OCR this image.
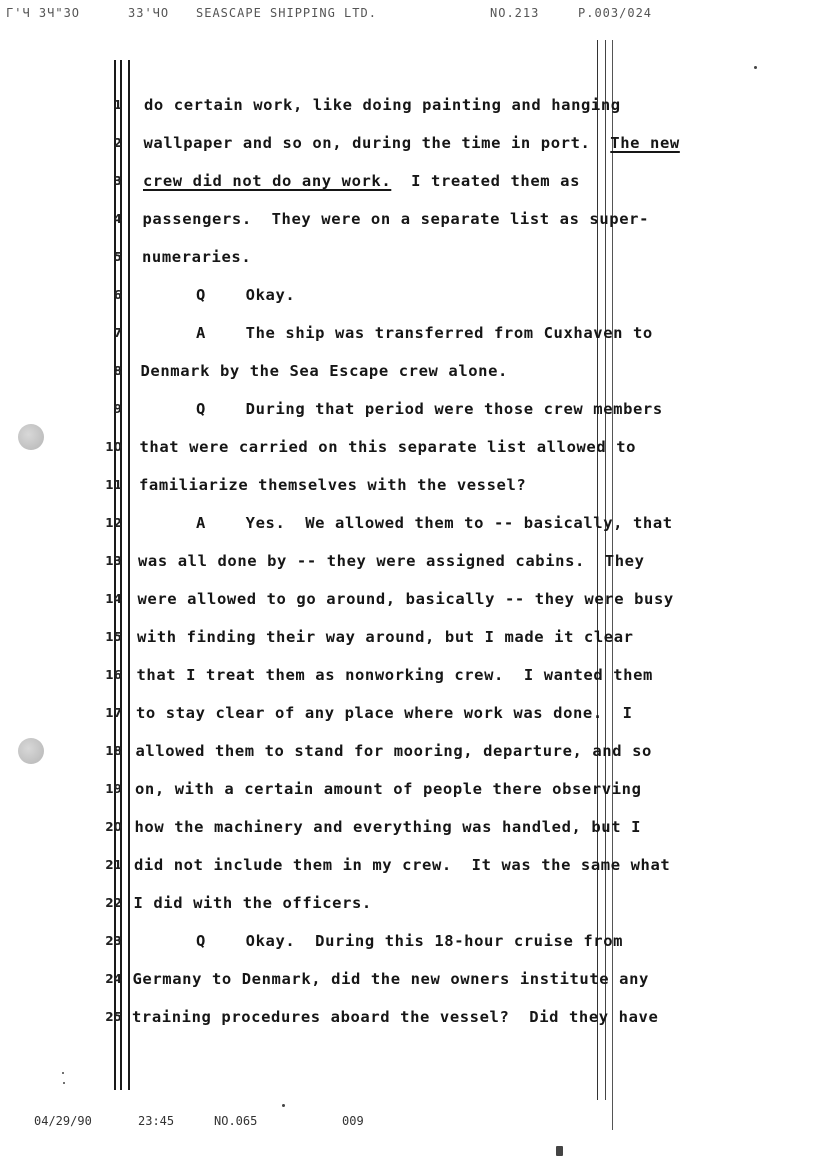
Г'Ч ЗЧ"ЗО	ЗЗ'ЧО SEASCAPE SHIPPING LTD.	NO.213	P.003/024
1 do certain work, like doing painting and hanging
2 wallpaper and so on, during the time in port.  The new
3 crew did not do any work.  I treated them as
4 passengers.  They were on a separate list as super-
5 numeraries.
6	Q    Okay.
7	A    The ship was transferred from Cuxhaven to
8 Denmark by the Sea Escape crew alone.
9	Q    During that period were those crew members
10 that were carried on this separate list allowed to
11 familiarize themselves with the vessel?
12	A    Yes.  We allowed them to -- basically, that
13 was all done by -- they were assigned cabins.  They
14 were allowed to go around, basically -- they were busy
15 with finding their way around, but I made it clear
16 that I treat them as nonworking crew.  I wanted them
17 to stay clear of any place where work was done.  I
18 allowed them to stand for mooring, departure, and so
19 on, with a certain amount of people there observing
20 how the machinery and everything was handled, but I
21 did not include them in my crew.  It was the same what
22 I did with the officers.
23	Q    Okay.  During this 18-hour cruise from
24 Germany to Denmark, did the new owners institute any
25 training procedures aboard the vessel?  Did they have
04/29/90	23:45	NO.065	009
